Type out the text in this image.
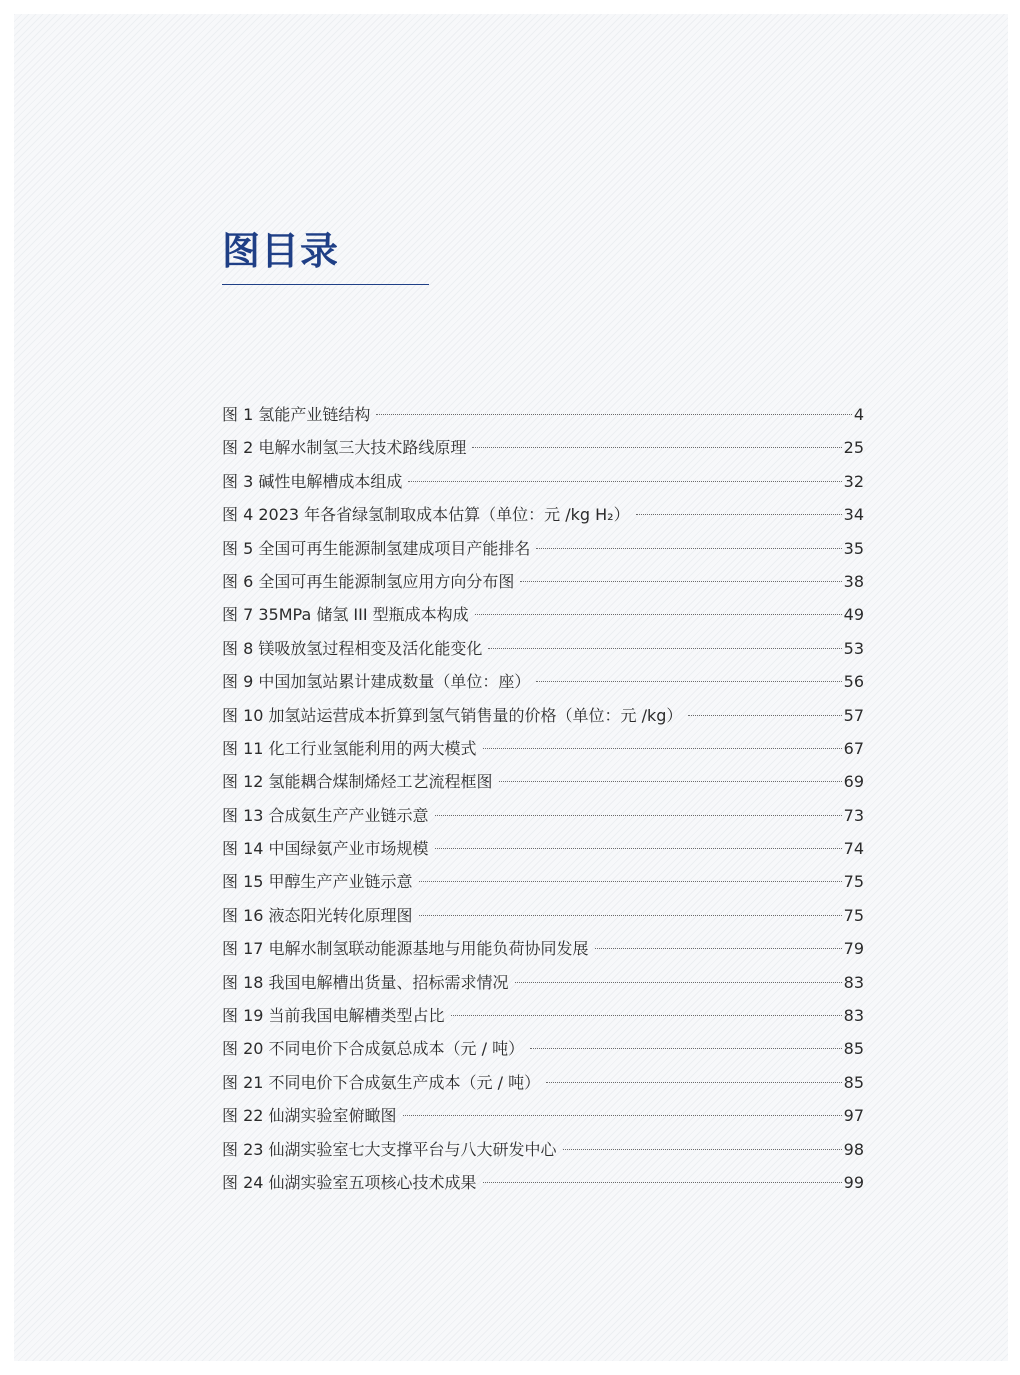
图目录
图 1 氢能产业链结构	4
图 2 电解水制氢三大技术路线原理	25
图 3 碱性电解槽成本组成	32
图 4 2023 年各省绿氢制取成本估算（单位：元 /kg H₂）	34
图 5 全国可再生能源制氢建成项目产能排名	35
图 6 全国可再生能源制氢应用方向分布图	38
图 7 35MPa 储氢 III 型瓶成本构成	49
图 8 镁吸放氢过程相变及活化能变化	53
图 9 中国加氢站累计建成数量（单位：座）	56
图 10 加氢站运营成本折算到氢气销售量的价格（单位：元 /kg）	57
图 11 化工行业氢能利用的两大模式	67
图 12 氢能耦合煤制烯烃工艺流程框图	69
图 13 合成氨生产产业链示意	73
图 14 中国绿氨产业市场规模	74
图 15 甲醇生产产业链示意	75
图 16 液态阳光转化原理图	75
图 17 电解水制氢联动能源基地与用能负荷协同发展	79
图 18 我国电解槽出货量、招标需求情况	83
图 19 当前我国电解槽类型占比	83
图 20 不同电价下合成氨总成本（元 / 吨）	85
图 21 不同电价下合成氨生产成本（元 / 吨）	85
图 22 仙湖实验室俯瞰图	97
图 23 仙湖实验室七大支撑平台与八大研发中心	98
图 24 仙湖实验室五项核心技术成果	99
